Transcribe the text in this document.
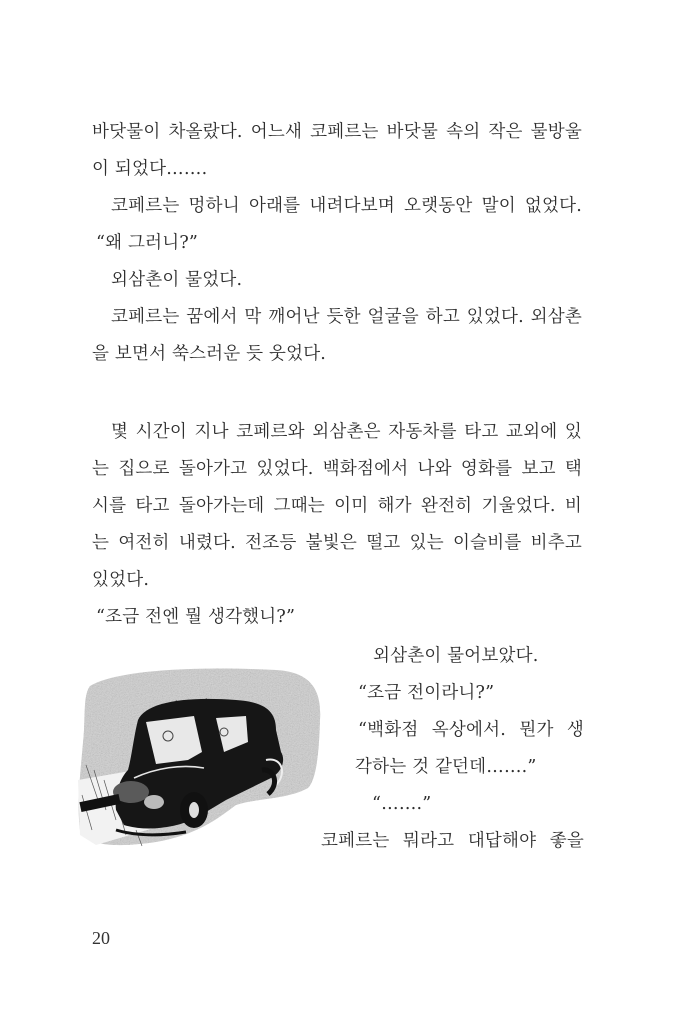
바닷물이 차올랐다. 어느새 코페르는 바닷물 속의 작은 물방울
이 되었다…….
코페르는 멍하니 아래를 내려다보며 오랫동안 말이 없었다.
“왜 그러니?”
외삼촌이 물었다.
코페르는 꿈에서 막 깨어난 듯한 얼굴을 하고 있었다. 외삼촌
을 보면서 쑥스러운 듯 웃었다.
몇 시간이 지나 코페르와 외삼촌은 자동차를 타고 교외에 있
는 집으로 돌아가고 있었다. 백화점에서 나와 영화를 보고 택
시를 타고 돌아가는데 그때는 이미 해가 완전히 기울었다. 비
는 여전히 내렸다. 전조등 불빛은 떨고 있는 이슬비를 비추고
있었다.
“조금 전엔 뭘 생각했니?”
외삼촌이 물어보았다.
“조금 전이라니?”
“백화점 옥상에서. 뭔가 생
각하는 것 같던데…….”
“…….”
코페르는 뭐라고 대답해야 좋을
20
